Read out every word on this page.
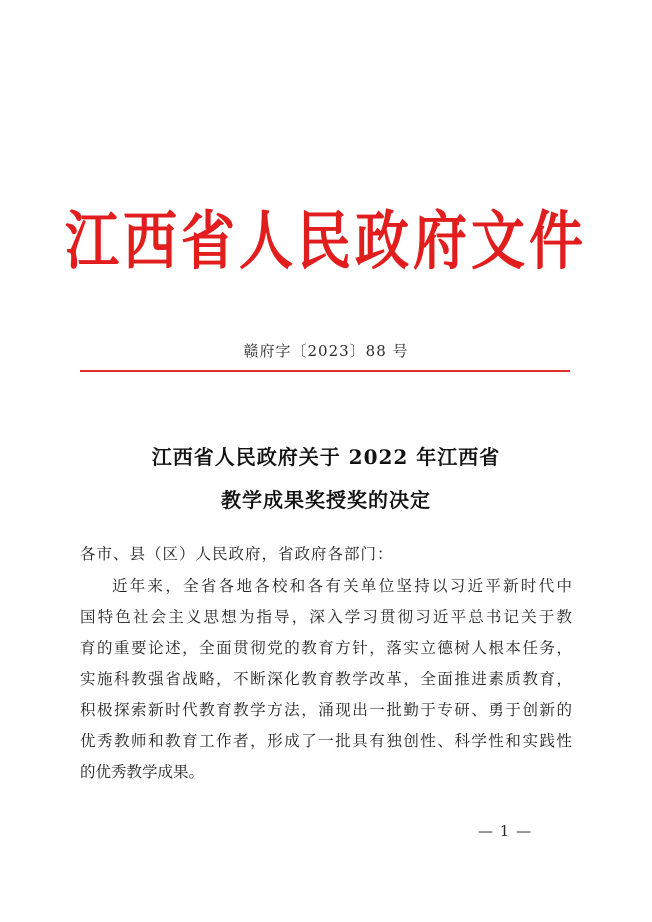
江西省人民政府文件
赣府字〔2023〕88 号
江西省人民政府关于 2022 年江西省
教学成果奖授奖的决定
各市、县（区）人民政府，省政府各部门：
近年来，全省各地各校和各有关单位坚持以习近平新时代中
国特色社会主义思想为指导，深入学习贯彻习近平总书记关于教
育的重要论述，全面贯彻党的教育方针，落实立德树人根本任务，
实施科教强省战略，不断深化教育教学改革，全面推进素质教育，
积极探索新时代教育教学方法，涌现出一批勤于专研、勇于创新的
优秀教师和教育工作者，形成了一批具有独创性、科学性和实践性
的优秀教学成果。
— 1 —
